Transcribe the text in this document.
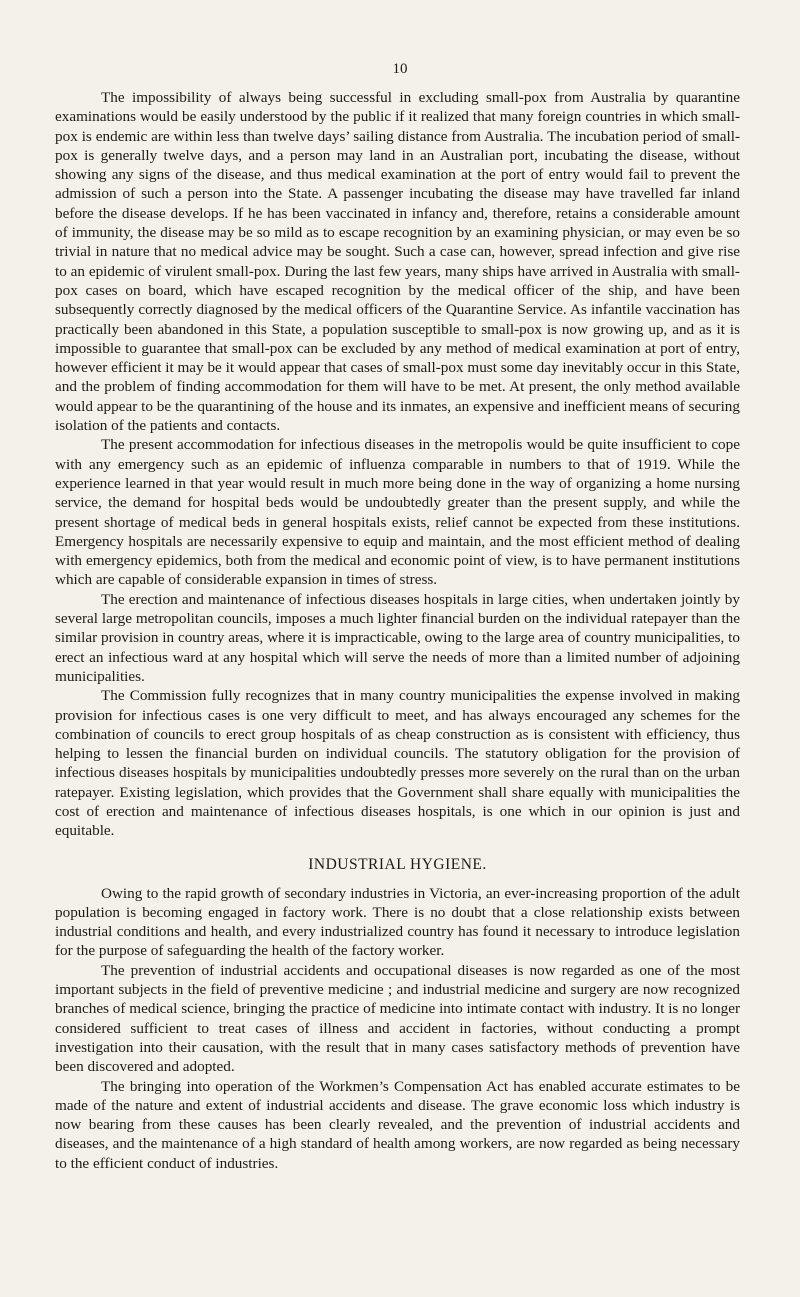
10

The impossibility of always being successful in excluding small-pox from Australia by quarantine examinations would be easily understood by the public if it realized that many foreign countries in which small-pox is endemic are within less than twelve days’ sailing distance from Australia. The incubation period of small-pox is generally twelve days, and a person may land in an Australian port, incubating the disease, without showing any signs of the disease, and thus medical examination at the port of entry would fail to prevent the admission of such a person into the State. A passenger incubating the disease may have travelled far inland before the disease develops. If he has been vaccinated in infancy and, therefore, retains a considerable amount of immunity, the disease may be so mild as to escape recognition by an examining physician, or may even be so trivial in nature that no medical advice may be sought. Such a case can, however, spread infection and give rise to an epidemic of virulent small-pox. During the last few years, many ships have arrived in Australia with small-pox cases on board, which have escaped recognition by the medical officer of the ship, and have been subsequently correctly diagnosed by the medical officers of the Quarantine Service. As infantile vaccination has practically been abandoned in this State, a population susceptible to small-pox is now growing up, and as it is impossible to guarantee that small-pox can be excluded by any method of medical examination at port of entry, however efficient it may be it would appear that cases of small-pox must some day inevitably occur in this State, and the problem of finding accommodation for them will have to be met. At present, the only method available would appear to be the quarantining of the house and its inmates, an expensive and inefficient means of securing isolation of the patients and contacts.

The present accommodation for infectious diseases in the metropolis would be quite insufficient to cope with any emergency such as an epidemic of influenza comparable in numbers to that of 1919. While the experience learned in that year would result in much more being done in the way of organizing a home nursing service, the demand for hospital beds would be undoubtedly greater than the present supply, and while the present shortage of medical beds in general hospitals exists, relief cannot be expected from these institutions. Emergency hospitals are necessarily expensive to equip and maintain, and the most efficient method of dealing with emergency epidemics, both from the medical and economic point of view, is to have permanent institutions which are capable of considerable expansion in times of stress.

The erection and maintenance of infectious diseases hospitals in large cities, when undertaken jointly by several large metropolitan councils, imposes a much lighter financial burden on the individual ratepayer than the similar provision in country areas, where it is impracticable, owing to the large area of country municipalities, to erect an infectious ward at any hospital which will serve the needs of more than a limited number of adjoining municipalities.

The Commission fully recognizes that in many country municipalities the expense involved in making provision for infectious cases is one very difficult to meet, and has always encouraged any schemes for the combination of councils to erect group hospitals of as cheap construction as is consistent with efficiency, thus helping to lessen the financial burden on individual councils. The statutory obligation for the provision of infectious diseases hospitals by municipalities undoubtedly presses more severely on the rural than on the urban ratepayer. Existing legislation, which provides that the Government shall share equally with municipalities the cost of erection and maintenance of infectious diseases hospitals, is one which in our opinion is just and equitable.

INDUSTRIAL HYGIENE.

Owing to the rapid growth of secondary industries in Victoria, an ever-increasing proportion of the adult population is becoming engaged in factory work. There is no doubt that a close relationship exists between industrial conditions and health, and every industrialized country has found it necessary to introduce legislation for the purpose of safeguarding the health of the factory worker.

The prevention of industrial accidents and occupational diseases is now regarded as one of the most important subjects in the field of preventive medicine ; and industrial medicine and surgery are now recognized branches of medical science, bringing the practice of medicine into intimate contact with industry. It is no longer considered sufficient to treat cases of illness and accident in factories, without conducting a prompt investigation into their causation, with the result that in many cases satisfactory methods of prevention have been discovered and adopted.

The bringing into operation of the Workmen’s Compensation Act has enabled accurate estimates to be made of the nature and extent of industrial accidents and disease. The grave economic loss which industry is now bearing from these causes has been clearly revealed, and the prevention of industrial accidents and diseases, and the maintenance of a high standard of health among workers, are now regarded as being necessary to the efficient conduct of industries.
